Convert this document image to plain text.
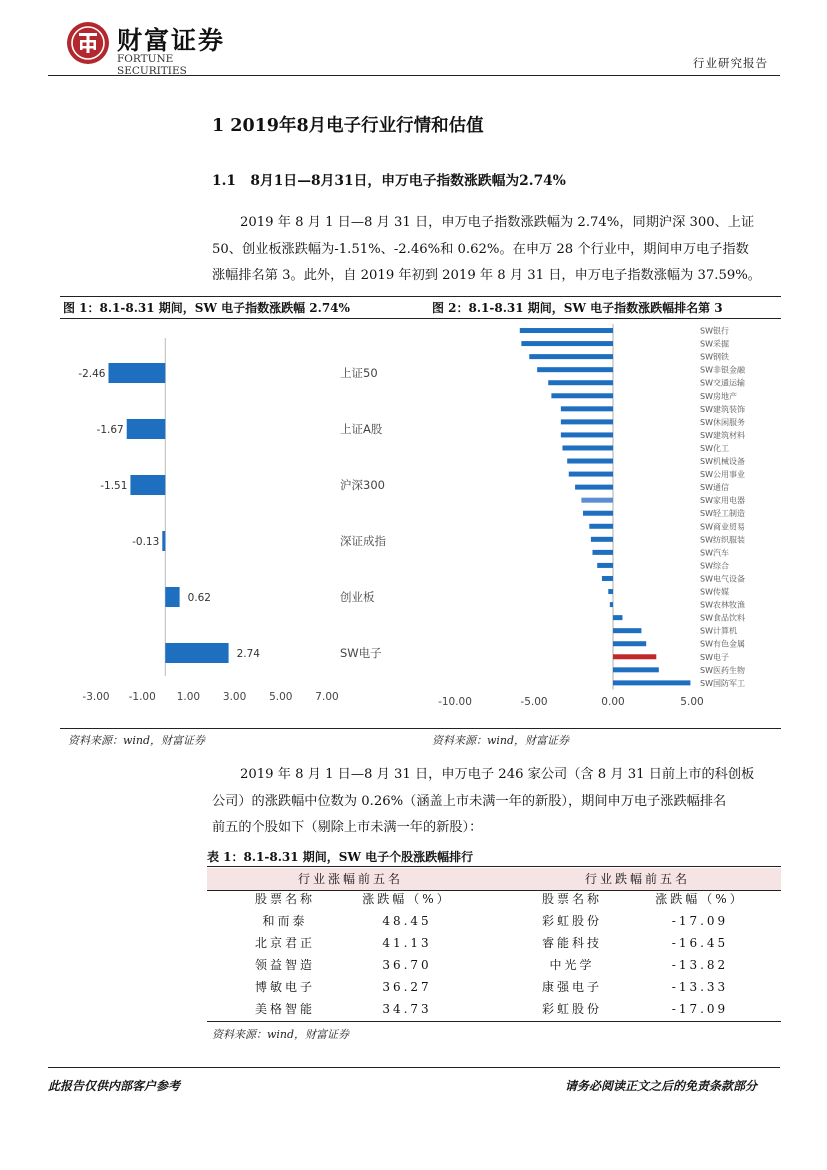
财富证券
FORTUNE SECURITIES
行业研究报告
1 2019年8月电子行业行情和估值
1.1   8月1日—8月31日，申万电子指数涨跌幅为2.74%
2019 年 8 月 1 日—8 月 31 日，申万电子指数涨跌幅为 2.74%，同期沪深 300、上证
50、创业板涨跌幅为-1.51%、-2.46%和 0.62%。在申万 28 个行业中，期间申万电子指数
涨幅排名第 3。此外，自 2019 年初到 2019 年 8 月 31 日，申万电子指数涨幅为 37.59%。
图 1：8.1-8.31 期间，SW 电子指数涨跌幅 2.74%	图 2：8.1-8.31 期间，SW 电子指数涨跌幅排名第 3
-2.46	上证50
-1.67	上证A股
-1.51	沪深300
-0.13	深证成指
0.62	创业板
2.74	SW电子
-3.00 -1.00 1.00 3.00 5.00 7.00
SW银行
SW采掘
SW钢铁
SW非银金融
SW交通运输
SW房地产
SW建筑装饰
SW休闲服务
SW建筑材料
SW化工
SW机械设备
SW公用事业
SW通信
SW家用电器
SW轻工制造
SW商业贸易
SW纺织服装
SW汽车
SW综合
SW电气设备
SW传媒
SW农林牧渔
SW食品饮料
SW计算机
SW有色金属
SW电子
SW医药生物
SW国防军工
-10.00	-5.00	0.00	5.00
资料来源：wind，财富证券	资料来源：wind，财富证券
2019 年 8 月 1 日—8 月 31 日，申万电子 246 家公司（含 8 月 31 日前上市的科创板
公司）的涨跌幅中位数为 0.26%（涵盖上市未满一年的新股），期间申万电子涨跌幅排名
前五的个股如下（剔除上市未满一年的新股）：
表 1：8.1-8.31 期间，SW 电子个股涨跌幅排行
行业涨幅前五名	行业跌幅前五名
股票名称	涨跌幅（%）	股票名称	涨跌幅（%）
和而泰	48.45	彩虹股份	-17.09
北京君正	41.13	睿能科技	-16.45
领益智造	36.70	中光学	-13.82
博敏电子	36.27	康强电子	-13.33
美格智能	34.73	彩虹股份	-17.09
资料来源：wind，财富证券
此报告仅供内部客户参考	请务必阅读正文之后的免责条款部分
